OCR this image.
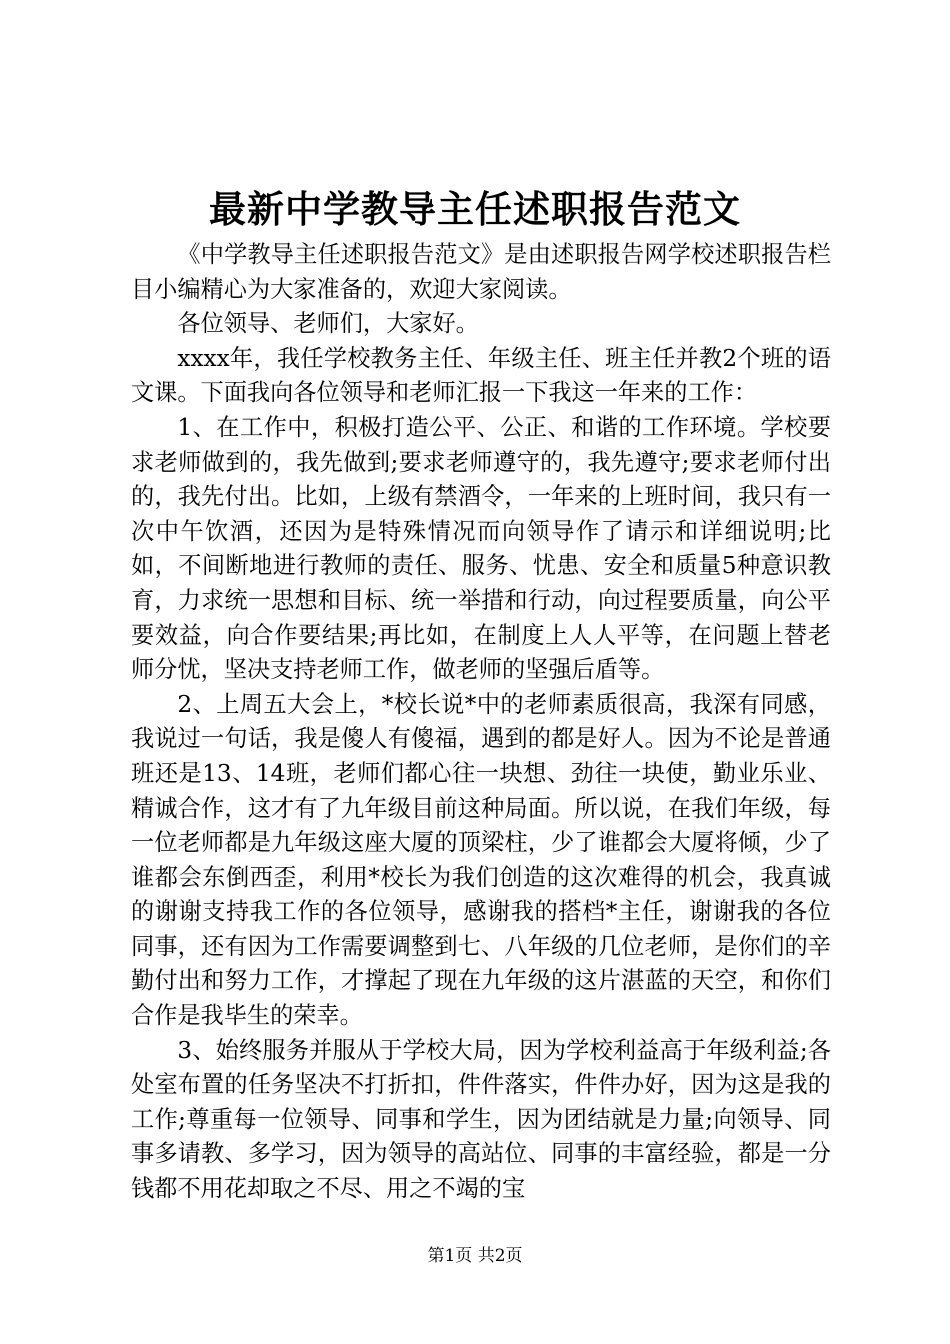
最新中学教导主任述职报告范文

《中学教导主任述职报告范文》是由述职报告网学校述职报告栏目小编精心为大家准备的，欢迎大家阅读。

各位领导、老师们，大家好。

xxxx年，我任学校教务主任、年级主任、班主任并教2个班的语文课。下面我向各位领导和老师汇报一下我这一年来的工作：

1、在工作中，积极打造公平、公正、和谐的工作环境。学校要求老师做到的，我先做到;要求老师遵守的，我先遵守;要求老师付出的，我先付出。比如，上级有禁酒令，一年来的上班时间，我只有一次中午饮酒，还因为是特殊情况而向领导作了请示和详细说明;比如，不间断地进行教师的责任、服务、忧患、安全和质量5种意识教育，力求统一思想和目标、统一举措和行动，向过程要质量，向公平要效益，向合作要结果;再比如，在制度上人人平等，在问题上替老师分忧，坚决支持老师工作，做老师的坚强后盾等。

2、上周五大会上，*校长说*中的老师素质很高，我深有同感，我说过一句话，我是傻人有傻福，遇到的都是好人。因为不论是普通班还是13、14班，老师们都心往一块想、劲往一块使，勤业乐业、精诚合作，这才有了九年级目前这种局面。所以说，在我们年级，每一位老师都是九年级这座大厦的顶梁柱，少了谁都会大厦将倾，少了谁都会东倒西歪，利用*校长为我们创造的这次难得的机会，我真诚的谢谢支持我工作的各位领导，感谢我的搭档*主任，谢谢我的各位同事，还有因为工作需要调整到七、八年级的几位老师，是你们的辛勤付出和努力工作，才撑起了现在九年级的这片湛蓝的天空，和你们合作是我毕生的荣幸。

3、始终服务并服从于学校大局，因为学校利益高于年级利益;各处室布置的任务坚决不打折扣，件件落实，件件办好，因为这是我的工作;尊重每一位领导、同事和学生，因为团结就是力量;向领导、同事多请教、多学习，因为领导的高站位、同事的丰富经验，都是一分钱都不用花却取之不尽、用之不竭的宝

第1页 共2页
